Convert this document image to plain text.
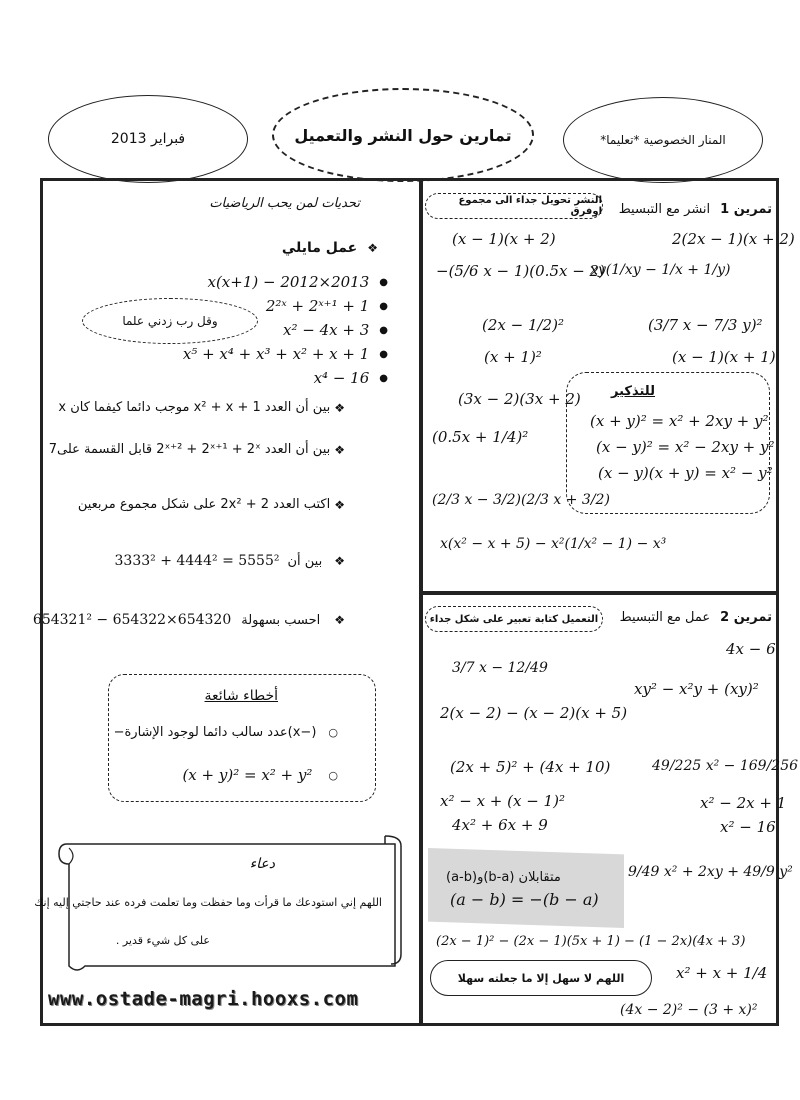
فبراير 2013	تمارين حول النشر والتعميل	المنار الخصوصية *تعليما*
تحديات لمن يحب الرياضيات
❖
عمل مايلي
x(x+1) − 2012×2013 ●
2²ˣ + 2ˣ⁺¹ + 1 ●
x² − 4x + 3 ●
x⁵ + x⁴ + x³ + x² + x + 1 ●
x⁴ − 16 ●
وقل رب زدني علما
بين أن العدد x² + x + 1 موجب دائما كيفما كان x ❖
بين أن العدد 2ˣ⁺² + 2ˣ⁺¹ + 2ˣ قابل القسمة على7 ❖
اكتب العدد 2 + 2x² على شكل مجموع مربعين ❖
3333² + 4444² = 5555² بين أن ❖
654321² − 654322×654320 احسب بسهولة ❖
أخطاء شائعة
(−x)عدد سالب دائما لوجود الإشارة− ○
(x + y)² = x² + y² ○
دعاء
اللهم إني استودعك ما قرأت وما حفظت وما تعلمت فرده عند حاجتي إليه إنك
على كل شيء قدير .
www.ostade-magri.hooxs.com
تمرين 1
انشر مع التبسيط
النشر تحويل جداء الى مجموع اوفرق
(x − 1)(x + 2)	2(2x − 1)(x + 2)
−(5/6 x − 1)(0.5x − 2)
xy(1/xy − 1/x + 1/y)
(2x − 1/2)²	(3/7 x − 7/3 y)²
(x + 1)²	(x − 1)(x + 1)
(3x − 2)(3x + 2)
(0.5x + 1/4)²
(2/3 x − 3/2)(2/3 x + 3/2)
x(x² − x + 5) − x²(1/x² − 1) − x³
للتذكير
(x + y)² = x² + 2xy + y²
(x − y)² = x² − 2xy + y²
(x − y)(x + y) = x² − y²
تمرين 2
عمل مع التبسيط
التعميل كتابة تعبير على شكل جداء
4x − 6
3/7 x − 12/49
xy² − x²y + (xy)²
2(x − 2) − (x − 2)(x + 5)
(2x + 5)² + (4x + 10)	49/225 x² − 169/256
x² − x + (x − 1)²	x² − 2x + 1
4x² + 6x + 9	x² − 16
(a-b)و(b-a) متقابلان
(a − b) = −(b − a)
9/49 x² + 2xy + 49/9 y²
(2x − 1)² − (2x − 1)(5x + 1) − (1 − 2x)(4x + 3)
اللهم لا سهل إلا ما جعلته سهلا	x² + x + 1/4
(4x − 2)² − (3 + x)²
